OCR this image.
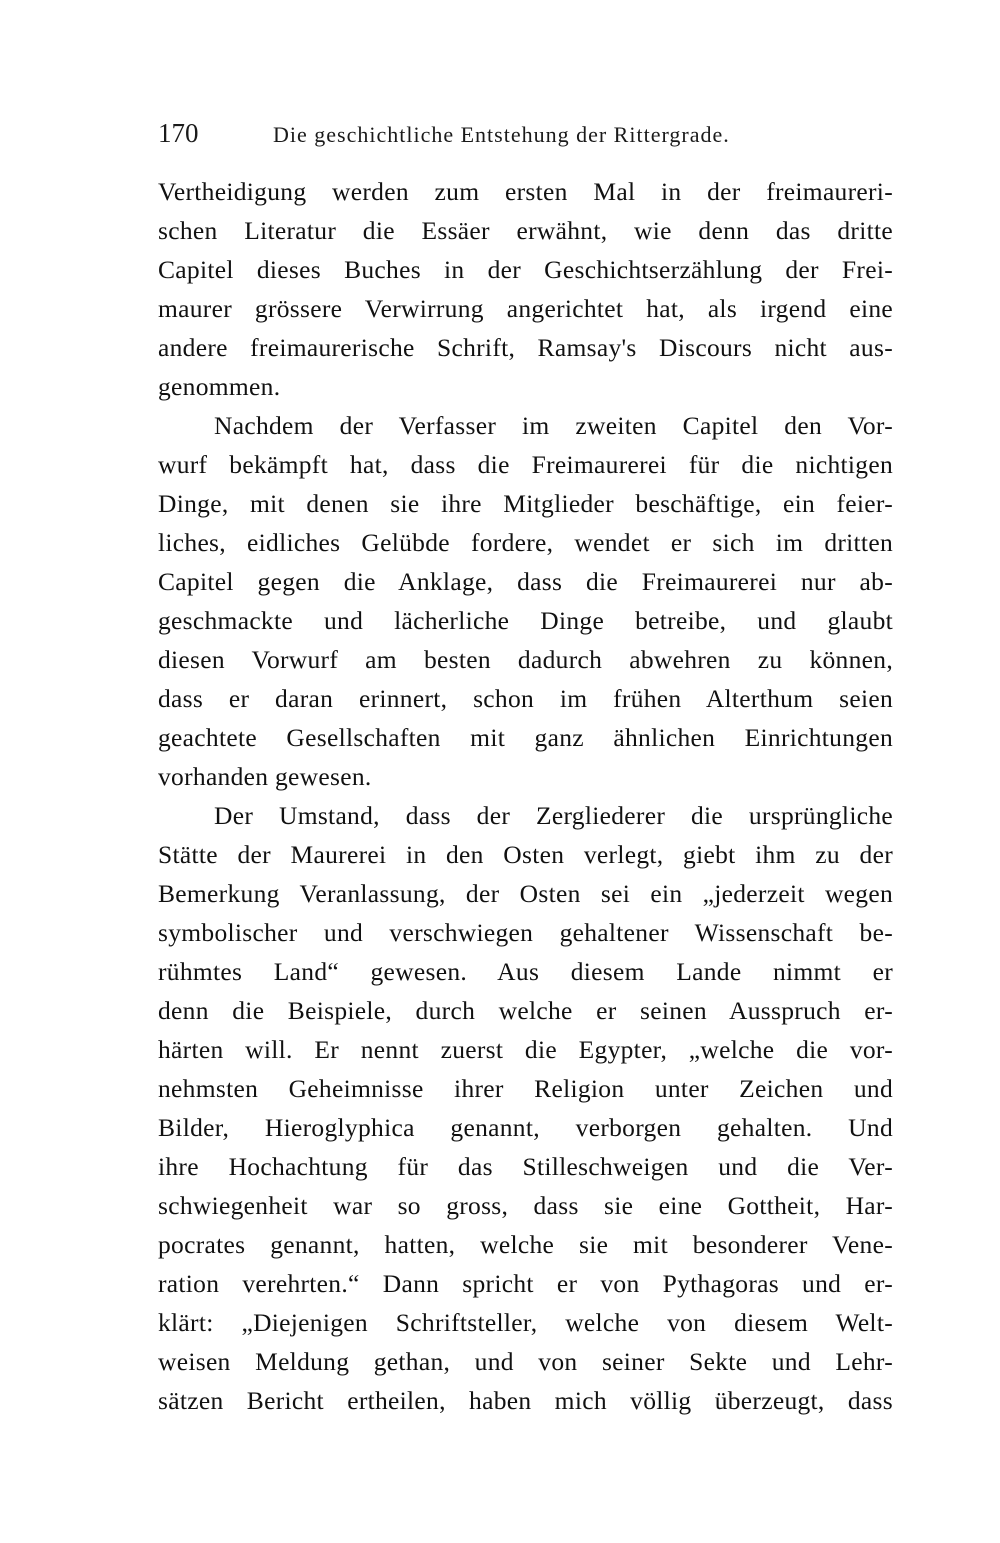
170	Die geschichtliche Entstehung der Rittergrade.
Vertheidigung werden zum ersten Mal in der freimaureri-
schen Literatur die Essäer erwähnt, wie denn das dritte
Capitel dieses Buches in der Geschichtserzählung der Frei-
maurer grössere Verwirrung angerichtet hat, als irgend eine
andere freimaurerische Schrift, Ramsay's Discours nicht aus-
genommen.
Nachdem der Verfasser im zweiten Capitel den Vor-
wurf bekämpft hat, dass die Freimaurerei für die nichtigen
Dinge, mit denen sie ihre Mitglieder beschäftige, ein feier-
liches, eidliches Gelübde fordere, wendet er sich im dritten
Capitel gegen die Anklage, dass die Freimaurerei nur ab-
geschmackte und lächerliche Dinge betreibe, und glaubt
diesen Vorwurf am besten dadurch abwehren zu können,
dass er daran erinnert, schon im frühen Alterthum seien
geachtete Gesellschaften mit ganz ähnlichen Einrichtungen
vorhanden gewesen.
Der Umstand, dass der Zergliederer die ursprüngliche
Stätte der Maurerei in den Osten verlegt, giebt ihm zu der
Bemerkung Veranlassung, der Osten sei ein „jederzeit wegen
symbolischer und verschwiegen gehaltener Wissenschaft be-
rühmtes Land“ gewesen. Aus diesem Lande nimmt er
denn die Beispiele, durch welche er seinen Ausspruch er-
härten will. Er nennt zuerst die Egypter, „welche die vor-
nehmsten Geheimnisse ihrer Religion unter Zeichen und
Bilder, Hieroglyphica genannt, verborgen gehalten. Und
ihre Hochachtung für das Stilleschweigen und die Ver-
schwiegenheit war so gross, dass sie eine Gottheit, Har-
pocrates genannt, hatten, welche sie mit besonderer Vene-
ration verehrten.“ Dann spricht er von Pythagoras und er-
klärt: „Diejenigen Schriftsteller, welche von diesem Welt-
weisen Meldung gethan, und von seiner Sekte und Lehr-
sätzen Bericht ertheilen, haben mich völlig überzeugt, dass
